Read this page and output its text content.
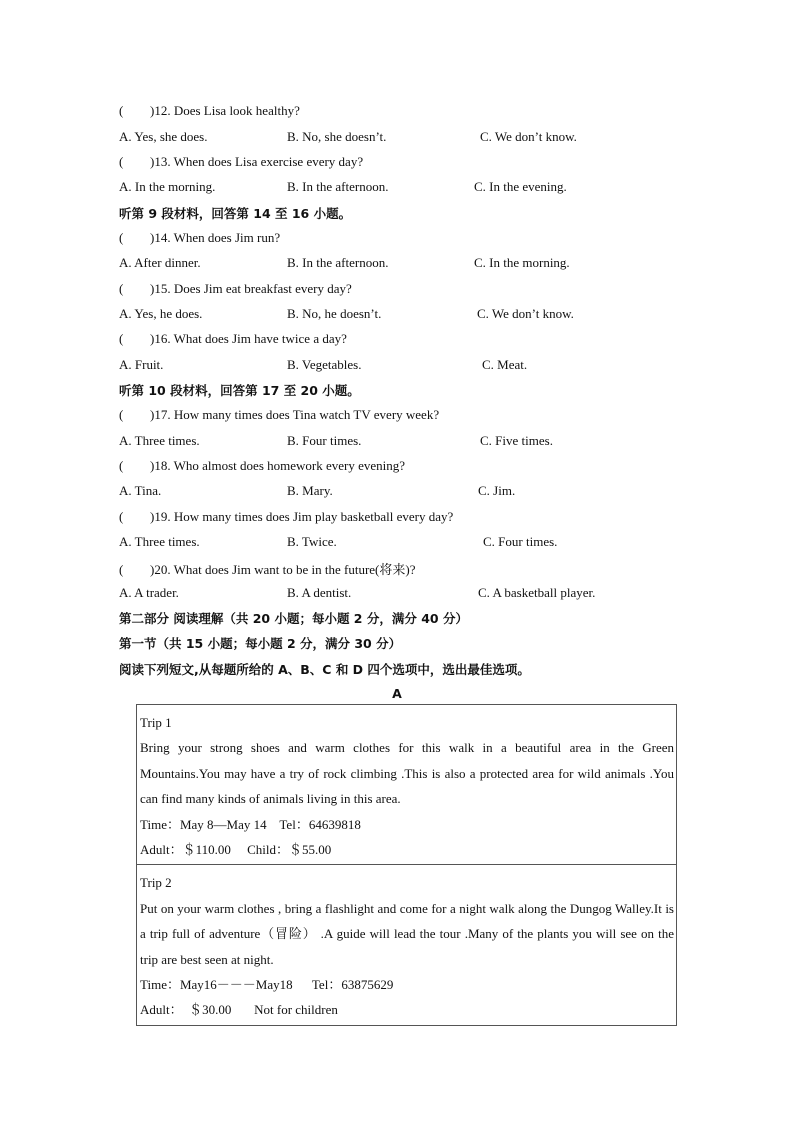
( )12. Does Lisa look healthy?
A. Yes, she does.	B. No, she doesn’t.	C. We don’t know.
( )13. When does Lisa exercise every day?
A. In the morning.	B. In the afternoon.	C. In the evening.
听第 9 段材料，回答第 14 至 16 小题。
( )14. When does Jim run?
A. After dinner.	B. In the afternoon.	C. In the morning.
( )15. Does Jim eat breakfast every day?
A. Yes, he does.	B. No, he doesn’t.	C. We don’t know.
( )16. What does Jim have twice a day?
A. Fruit.	B. Vegetables.	C. Meat.
听第 10 段材料，回答第 17 至 20 小题。
( )17. How many times does Tina watch TV every week?
A. Three times.	B. Four times.	C. Five times.
( )18. Who almost does homework every evening?
A. Tina.	B. Mary.	C. Jim.
( )19. How many times does Jim play basketball every day?
A. Three times.	B. Twice.	C. Four times.
( )20. What does Jim want to be in the future(将来)?
A. A trader.	B. A dentist.	C. A basketball player.
第二部分 阅读理解（共 20 小题；每小题 2 分，满分 40 分）
第一节（共 15 小题；每小题 2 分，满分 30 分）
阅读下列短文,从每题所给的 A、B、C 和 D 四个选项中，选出最佳选项。
A
Trip 1
Bring your strong shoes and warm clothes for this walk in a beautiful area in the Green Mountains.You may have a try of rock climbing .This is also a protected area for wild animals .You can find many kinds of animals living in this area.
Time：May 8—May 14    Tel：64639818
Adult：＄110.00     Child：＄55.00
Trip 2
Put on your warm clothes , bring a flashlight and come for a night walk along the Dungog Walley.It is a trip full of adventure（冒险） .A guide will lead the tour .Many of the plants you will see on the trip are best seen at night.
Time：May16－－－May18      Tel：63875629
Adult：  ＄30.00       Not for children
